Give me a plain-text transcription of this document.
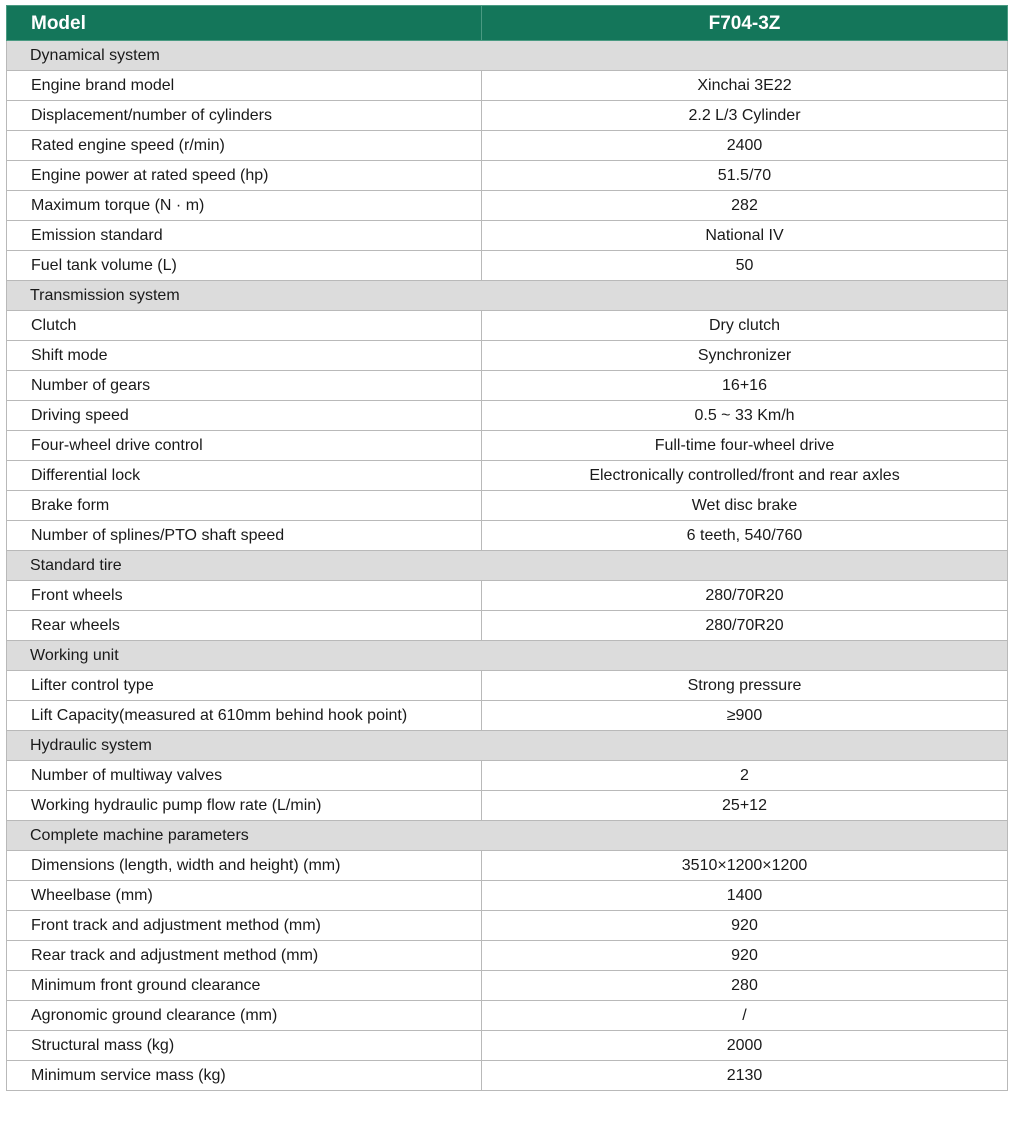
Model	F704-3Z
Dynamical system	
Engine brand model	Xinchai 3E22
Displacement/number of cylinders	2.2 L/3 Cylinder
Rated engine speed (r/min)	2400
Engine power at rated speed (hp)	51.5/70
Maximum torque (N · m)	282
Emission standard	National IV
Fuel tank volume (L)	50
Transmission system	
Clutch	Dry clutch
Shift mode	Synchronizer
Number of gears	16+16
Driving speed	0.5 ~ 33 Km/h
Four-wheel drive control	Full-time four-wheel drive
Differential lock	Electronically controlled/front and rear axles
Brake form	Wet disc brake
Number of splines/PTO shaft speed	6 teeth, 540/760
Standard tire	
Front wheels	280/70R20
Rear wheels	280/70R20
Working unit	
Lifter control type	Strong pressure
Lift Capacity(measured at 610mm behind hook point)	≥900
Hydraulic system	
Number of multiway valves	2
Working hydraulic pump flow rate (L/min)	25+12
Complete machine parameters	
Dimensions (length, width and height) (mm)	3510×1200×1200
Wheelbase (mm)	1400
Front track and adjustment method (mm)	920
Rear track and adjustment method (mm)	920
Minimum front ground clearance	280
Agronomic ground clearance (mm)	/
Structural mass (kg)	2000
Minimum service mass (kg)	2130
